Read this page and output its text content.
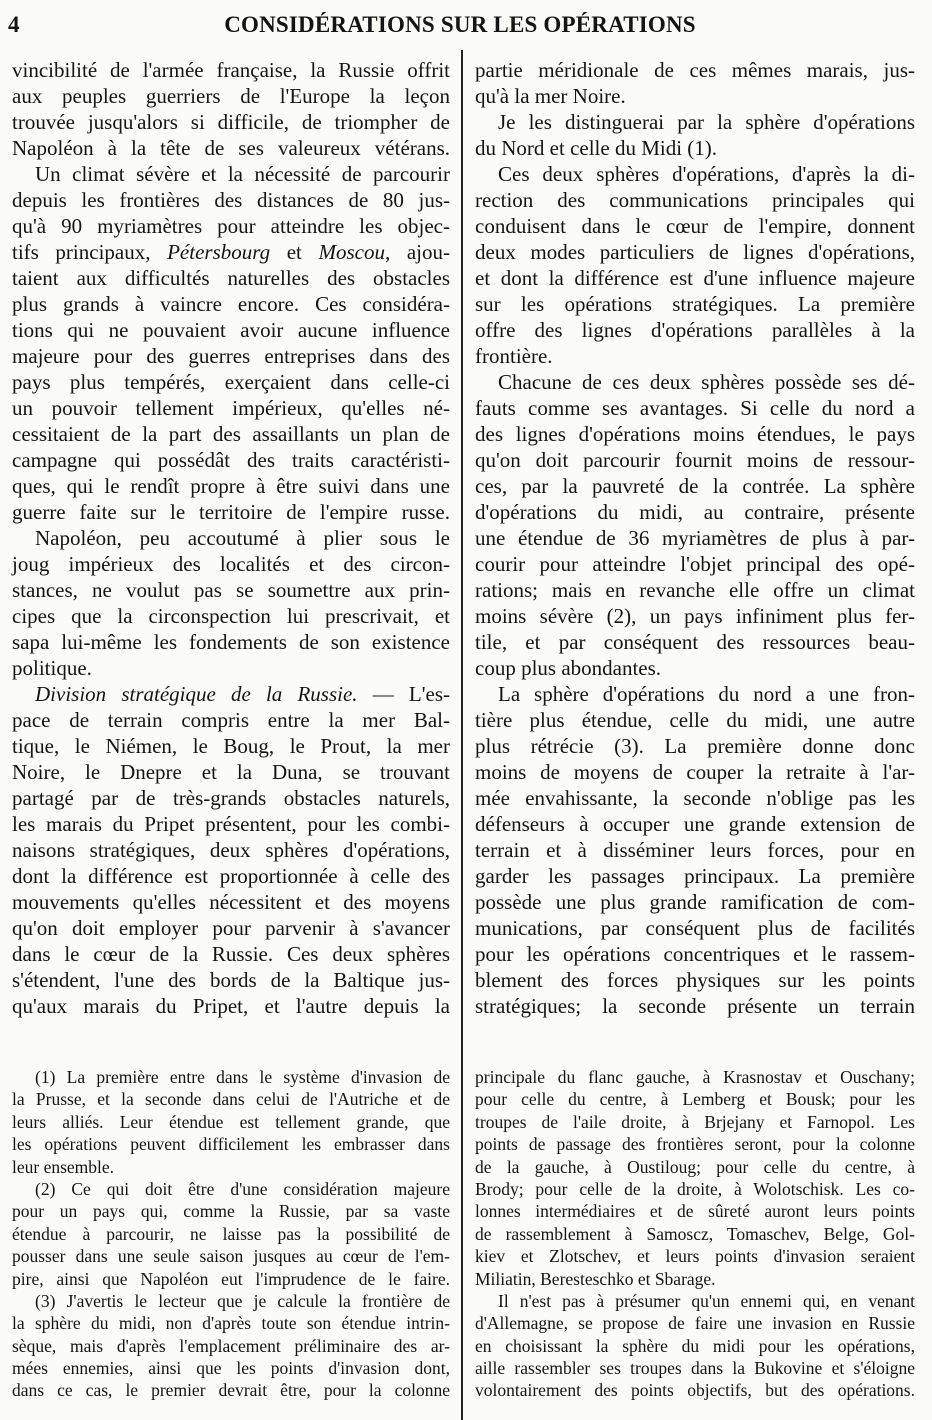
4	CONSIDÉRATIONS SUR LES OPÉRATIONS
vincibilité de l'armée française, la Russie offrit
aux peuples guerriers de l'Europe la leçon
trouvée jusqu'alors si difficile, de triompher de
Napoléon à la tête de ses valeureux vétérans.
Un climat sévère et la nécessité de parcourir
depuis les frontières des distances de 80 jus-
qu'à 90 myriamètres pour atteindre les objec-
tifs principaux, Pétersbourg et Moscou, ajou-
taient aux difficultés naturelles des obstacles
plus grands à vaincre encore. Ces considéra-
tions qui ne pouvaient avoir aucune influence
majeure pour des guerres entreprises dans des
pays plus tempérés, exerçaient dans celle-ci
un pouvoir tellement impérieux, qu'elles né-
cessitaient de la part des assaillants un plan de
campagne qui possédât des traits caractéristi-
ques, qui le rendît propre à être suivi dans une
guerre faite sur le territoire de l'empire russe.
Napoléon, peu accoutumé à plier sous le
joug impérieux des localités et des circon-
stances, ne voulut pas se soumettre aux prin-
cipes que la circonspection lui prescrivait, et
sapa lui-même les fondements de son existence
politique.
Division stratégique de la Russie. — L'es-
pace de terrain compris entre la mer Bal-
tique, le Niémen, le Boug, le Prout, la mer
Noire, le Dnepre et la Duna, se trouvant
partagé par de très-grands obstacles naturels,
les marais du Pripet présentent, pour les combi-
naisons stratégiques, deux sphères d'opérations,
dont la différence est proportionnée à celle des
mouvements qu'elles nécessitent et des moyens
qu'on doit employer pour parvenir à s'avancer
dans le cœur de la Russie. Ces deux sphères
s'étendent, l'une des bords de la Baltique jus-
qu'aux marais du Pripet, et l'autre depuis la
partie méridionale de ces mêmes marais, jus-
qu'à la mer Noire.
Je les distinguerai par la sphère d'opérations
du Nord et celle du Midi (1).
Ces deux sphères d'opérations, d'après la di-
rection des communications principales qui
conduisent dans le cœur de l'empire, donnent
deux modes particuliers de lignes d'opérations,
et dont la différence est d'une influence majeure
sur les opérations stratégiques. La première
offre des lignes d'opérations parallèles à la
frontière.
Chacune de ces deux sphères possède ses dé-
fauts comme ses avantages. Si celle du nord a
des lignes d'opérations moins étendues, le pays
qu'on doit parcourir fournit moins de ressour-
ces, par la pauvreté de la contrée. La sphère
d'opérations du midi, au contraire, présente
une étendue de 36 myriamètres de plus à par-
courir pour atteindre l'objet principal des opé-
rations; mais en revanche elle offre un climat
moins sévère (2), un pays infiniment plus fer-
tile, et par conséquent des ressources beau-
coup plus abondantes.
La sphère d'opérations du nord a une fron-
tière plus étendue, celle du midi, une autre
plus rétrécie (3). La première donne donc
moins de moyens de couper la retraite à l'ar-
mée envahissante, la seconde n'oblige pas les
défenseurs à occuper une grande extension de
terrain et à disséminer leurs forces, pour en
garder les passages principaux. La première
possède une plus grande ramification de com-
munications, par conséquent plus de facilités
pour les opérations concentriques et le rassem-
blement des forces physiques sur les points
stratégiques; la seconde présente un terrain
(1) La première entre dans le système d'invasion de
la Prusse, et la seconde dans celui de l'Autriche et de
leurs alliés. Leur étendue est tellement grande, que
les opérations peuvent difficilement les embrasser dans
leur ensemble.
(2) Ce qui doit être d'une considération majeure
pour un pays qui, comme la Russie, par sa vaste
étendue à parcourir, ne laisse pas la possibilité de
pousser dans une seule saison jusques au cœur de l'em-
pire, ainsi que Napoléon eut l'imprudence de le faire.
(3) J'avertis le lecteur que je calcule la frontière de
la sphère du midi, non d'après toute son étendue intrin-
sèque, mais d'après l'emplacement préliminaire des ar-
mées ennemies, ainsi que les points d'invasion dont,
dans ce cas, le premier devrait être, pour la colonne
principale du flanc gauche, à Krasnostav et Ouschany;
pour celle du centre, à Lemberg et Bousk; pour les
troupes de l'aile droite, à Brjejany et Farnopol. Les
points de passage des frontières seront, pour la colonne
de la gauche, à Oustiloug; pour celle du centre, à
Brody; pour celle de la droite, à Wolotschisk. Les co-
lonnes intermédiaires et de sûreté auront leurs points
de rassemblement à Samoscz, Tomaschev, Belge, Gol-
kiev et Zlotschev, et leurs points d'invasion seraient
Miliatin, Beresteschko et Sbarage.
Il n'est pas à présumer qu'un ennemi qui, en venant
d'Allemagne, se propose de faire une invasion en Russie
en choisissant la sphère du midi pour les opérations,
aille rassembler ses troupes dans la Bukovine et s'éloigne
volontairement des points objectifs, but des opérations.
